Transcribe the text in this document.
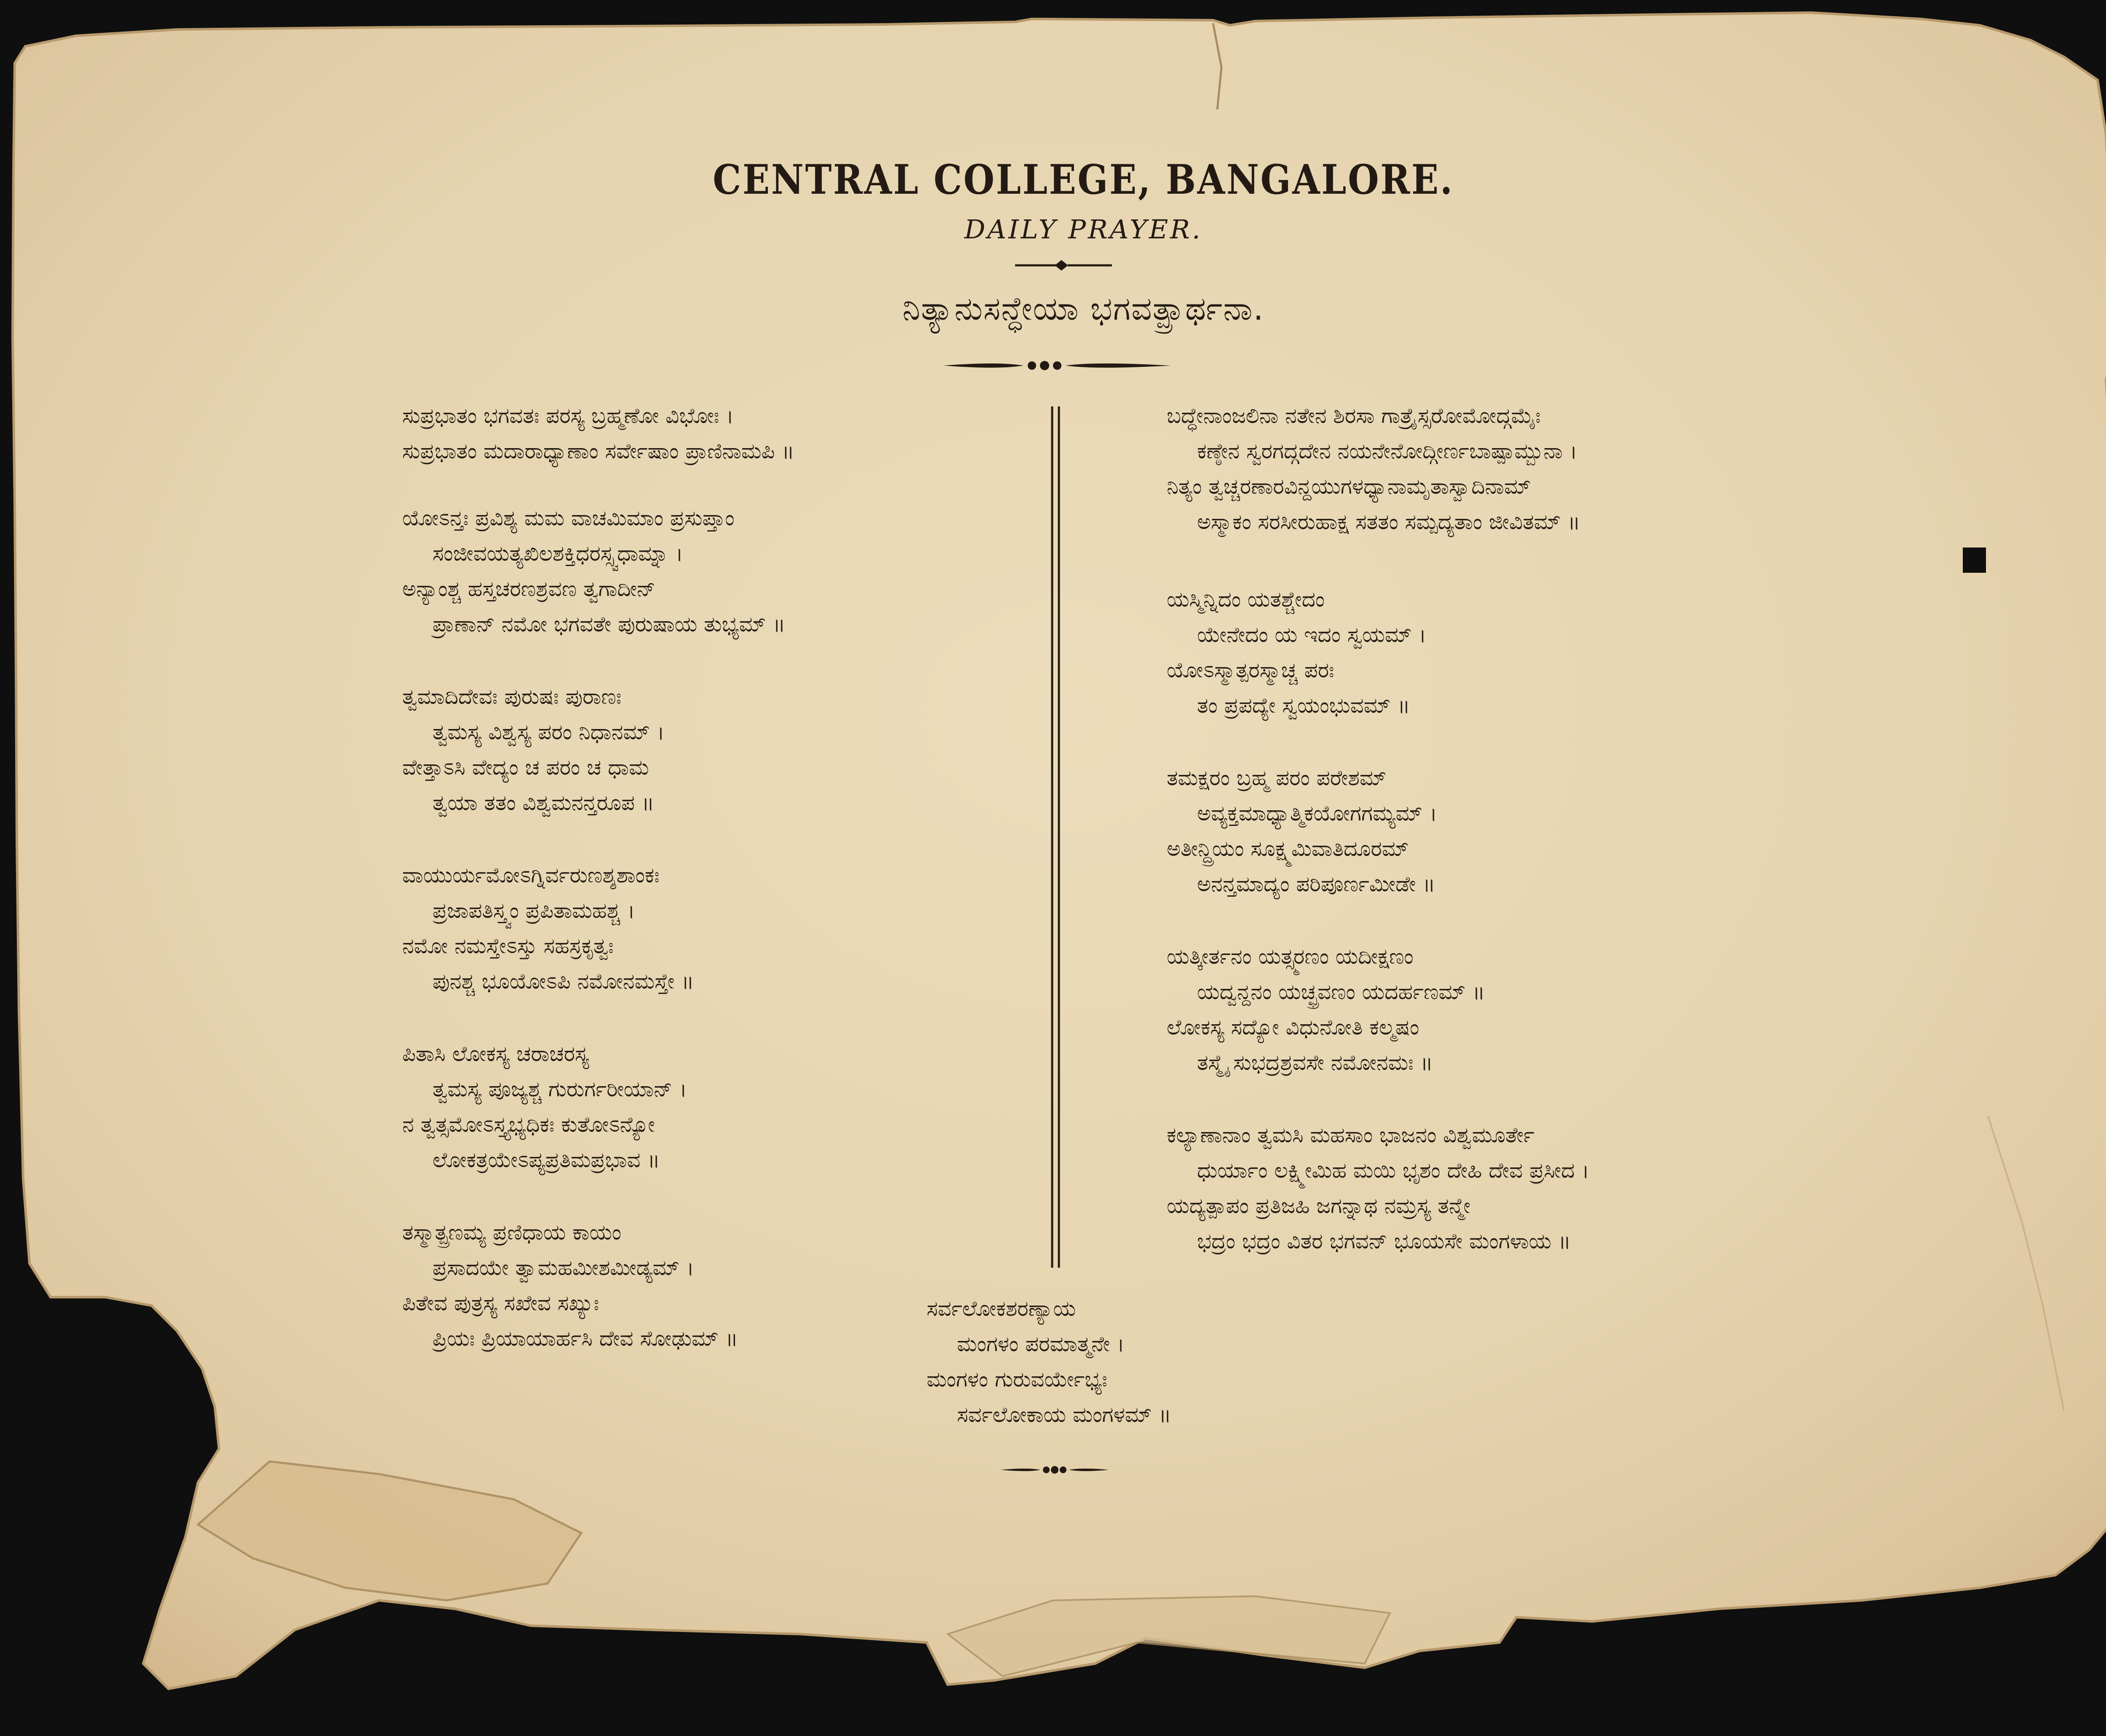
CENTRAL COLLEGE, BANGALORE.
DAILY PRAYER.
ನಿತ್ಯಾನುಸನ್ಧೇಯಾ ಭಗವತ್ಪ್ರಾರ್ಥನಾ.
ಸುಪ್ರಭಾತಂ ಭಗವತಃ ಪರಸ್ಯ ಬ್ರಹ್ಮಣೋ ವಿಭೋಃ ।
ಸುಪ್ರಭಾತಂ ಮದಾರಾಧ್ಯಾಣಾಂ ಸರ್ವೇಷಾಂ ಪ್ರಾಣಿನಾಮಪಿ ॥
ಯೋಽನ್ತಃ ಪ್ರವಿಶ್ಯ ಮಮ ವಾಚಮಿಮಾಂ ಪ್ರಸುಪ್ತಾಂ
ಸಂಜೀವಯತ್ಯಖಿಲಶಕ್ತಿಧರಸ್ಸ್ವಧಾಮ್ನಾ ।
ಅನ್ಯಾಂಶ್ಚ ಹಸ್ತಚರಣಶ್ರವಣ ತ್ವಗಾದೀನ್
ಪ್ರಾಣಾನ್ ನಮೋ ಭಗವತೇ ಪುರುಷಾಯ ತುಭ್ಯಮ್ ॥
ತ್ವಮಾದಿದೇವಃ ಪುರುಷಃ ಪುರಾಣಃ
ತ್ವಮಸ್ಯ ವಿಶ್ವಸ್ಯ ಪರಂ ನಿಧಾನಮ್ ।
ವೇತ್ತಾಽಸಿ ವೇದ್ಯಂ ಚ ಪರಂ ಚ ಧಾಮ
ತ್ವಯಾ ತತಂ ವಿಶ್ವಮನನ್ತರೂಪ ॥
ವಾಯುರ್ಯಮೋಽಗ್ನಿರ್ವರುಣಶ್ಶಶಾಂಕಃ
ಪ್ರಜಾಪತಿಸ್ತ್ವಂ ಪ್ರಪಿತಾಮಹಶ್ಚ ।
ನಮೋ ನಮಸ್ತೇಽಸ್ತು ಸಹಸ್ರಕೃತ್ವಃ
ಪುನಶ್ಚ ಭೂಯೋಽಪಿ ನಮೋನಮಸ್ತೇ ॥
ಪಿತಾಸಿ ಲೋಕಸ್ಯ ಚರಾಚರಸ್ಯ
ತ್ವಮಸ್ಯ ಪೂಜ್ಯಶ್ಚ ಗುರುರ್ಗರೀಯಾನ್ ।
ನ ತ್ವತ್ಸಮೋಽಸ್ತ್ಯಭ್ಯಧಿಕಃ ಕುತೋಽನ್ಯೋ
ಲೋಕತ್ರಯೇಽಪ್ಯಪ್ರತಿಮಪ್ರಭಾವ ॥
ತಸ್ಮಾತ್ಪ್ರಣಮ್ಯ ಪ್ರಣಿಧಾಯ ಕಾಯಂ
ಪ್ರಸಾದಯೇ ತ್ವಾಮಹಮೀಶಮೀಡ್ಯಮ್ ।
ಪಿತೇವ ಪುತ್ರಸ್ಯ ಸಖೇವ ಸಖ್ಯುಃ
ಪ್ರಿಯಃ ಪ್ರಿಯಾಯಾರ್ಹಸಿ ದೇವ ಸೋಢುಮ್ ॥
ಬದ್ಧೇನಾಂಜಲಿನಾ ನತೇನ ಶಿರಸಾ ಗಾತ್ರೈಸ್ಸರೋಮೋದ್ಗಮೈಃ
ಕಣ್ಠೇನ ಸ್ವರಗದ್ಗದೇನ ನಯನೇನೋದ್ಗೀರ್ಣಬಾಷ್ಪಾಮ್ಬುನಾ ।
ನಿತ್ಯಂ ತ್ವಚ್ಚರಣಾರವಿನ್ದಯುಗಳಧ್ಯಾನಾಮೃತಾಸ್ವಾದಿನಾಮ್
ಅಸ್ಮಾಕಂ ಸರಸೀರುಹಾಕ್ಷ ಸತತಂ ಸಮ್ಪದ್ಯತಾಂ ಜೀವಿತಮ್ ॥
ಯಸ್ಮಿನ್ನಿದಂ ಯತಶ್ಚೇದಂ
ಯೇನೇದಂ ಯ ಇದಂ ಸ್ವಯಮ್ ।
ಯೋಽಸ್ಮಾತ್ಪರಸ್ಮಾಚ್ಚ ಪರಃ
ತಂ ಪ್ರಪದ್ಯೇ ಸ್ವಯಂಭುವಮ್ ॥
ತಮಕ್ಷರಂ ಬ್ರಹ್ಮ ಪರಂ ಪರೇಶಮ್
ಅವ್ಯಕ್ತಮಾಧ್ಯಾತ್ಮಿಕಯೋಗಗಮ್ಯಮ್ ।
ಅತೀನ್ದ್ರಿಯಂ ಸೂಕ್ಷ್ಮಮಿವಾತಿದೂರಮ್
ಅನನ್ತಮಾದ್ಯಂ ಪರಿಪೂರ್ಣಮೀಡೇ ॥
ಯತ್ಕೀರ್ತನಂ ಯತ್ಸ್ಮರಣಂ ಯದೀಕ್ಷಣಂ
ಯದ್ವನ್ದನಂ ಯಚ್ಛ್ರವಣಂ ಯದರ್ಹಣಮ್ ॥
ಲೋಕಸ್ಯ ಸದ್ಯೋ ವಿಧುನೋತಿ ಕಲ್ಮಷಂ
ತಸ್ಮೈ ಸುಭದ್ರಶ್ರವಸೇ ನಮೋನಮಃ ॥
ಕಲ್ಯಾಣಾನಾಂ ತ್ವಮಸಿ ಮಹಸಾಂ ಭಾಜನಂ ವಿಶ್ವಮೂರ್ತೇ
ಧುರ್ಯಾಂ ಲಕ್ಷ್ಮೀಮಿಹ ಮಯಿ ಭೃಶಂ ದೇಹಿ ದೇವ ಪ್ರಸೀದ ।
ಯದ್ಯತ್ಪಾಪಂ ಪ್ರತಿಜಹಿ ಜಗನ್ನಾಥ ನಮ್ರಸ್ಯ ತನ್ಮೇ
ಭದ್ರಂ ಭದ್ರಂ ವಿತರ ಭಗವನ್ ಭೂಯಸೇ ಮಂಗಳಾಯ ॥
ಸರ್ವಲೋಕಶರಣ್ಯಾಯ
ಮಂಗಳಂ ಪರಮಾತ್ಮನೇ ।
ಮಂಗಳಂ ಗುರುವರ್ಯೇಭ್ಯಃ
ಸರ್ವಲೋಕಾಯ ಮಂಗಳಮ್ ॥
